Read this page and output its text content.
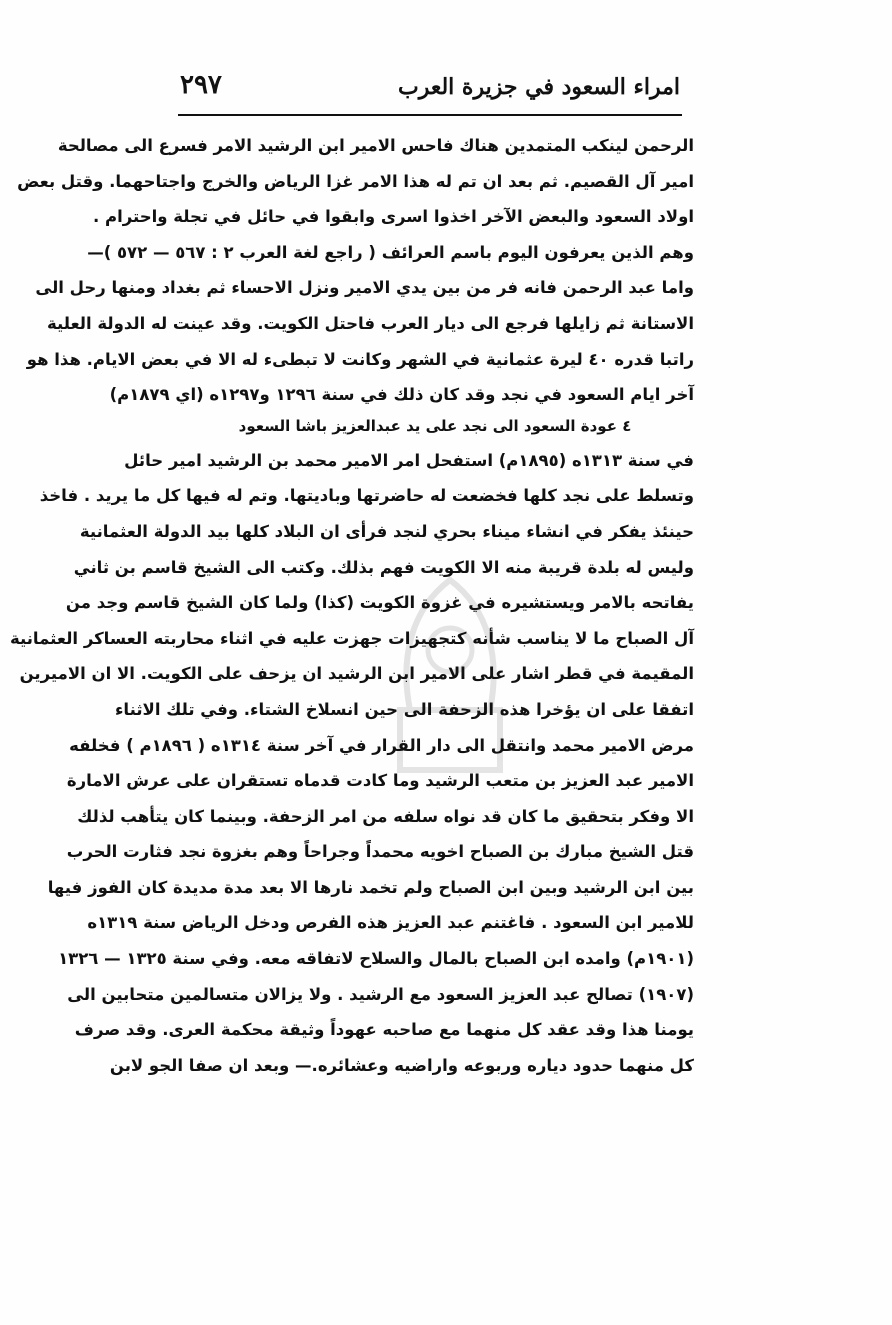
امراء السعود في جزيرة العرب
٢٩٧
الرحمن لينكب المتمدين هناك فاحس الامير ابن الرشيد الامر فسرع الى مصالحة
امير آل القصيم. ثم بعد ان تم له هذا الامر غزا الرياض والخرج واجتاحهما. وقتل بعض
اولاد السعود والبعض الآخر اخذوا اسرى وابقوا في حائل في تجلة واحترام .
وهم الذين يعرفون اليوم باسم العرائف ( راجع لغة العرب ٢ : ٥٦٧ — ٥٧٢ )—
واما عبد الرحمن فانه فر من بين يدي الامير ونزل الاحساء ثم بغداد ومنها رحل الى
الاستانة ثم زايلها فرجع الى ديار العرب فاحتل الكويت. وقد عينت له الدولة العلية
راتبا قدره ٤٠ ليرة عثمانية في الشهر وكانت لا تبطىء له الا في بعض الايام. هذا هو
آخر ايام السعود في نجد وقد كان ذلك في سنة ١٢٩٦ و١٢٩٧ه (اي ١٨٧٩م)
٤ عودة السعود الى نجد على يد عبدالعزيز باشا السعود
في سنة ١٣١٣ه (١٨٩٥م) استفحل امر الامير محمد بن الرشيد امير حائل
وتسلط على نجد كلها فخضعت له حاضرتها وباديتها. وتم له فيها كل ما يريد . فاخذ
حينئذ يفكر في انشاء ميناء بحري لنجد فرأى ان البلاد كلها بيد الدولة العثمانية
وليس له بلدة قريبة منه الا الكويت فهم بذلك. وكتب الى الشيخ قاسم بن ثاني
يفاتحه بالامر ويستشيره في غزوة الكويت (كذا) ولما كان الشيخ قاسم وجد من
آل الصباح ما لا يناسب شأنه كتجهيزات جهزت عليه في اثناء محاربته العساكر العثمانية
المقيمة في قطر اشار على الامير ابن الرشيد ان يزحف على الكويت. الا ان الاميرين
اتفقا على ان يؤخرا هذه الزحفة الى حين انسلاخ الشتاء. وفي تلك الاثناء
مرض الامير محمد وانتقل الى دار القرار في آخر سنة ١٣١٤ه ( ١٨٩٦م ) فخلفه
الامير عبد العزيز بن متعب الرشيد وما كادت قدماه تستقران على عرش الامارة
الا وفكر بتحقيق ما كان قد نواه سلفه من امر الزحفة. وبينما كان يتأهب لذلك
قتل الشيخ مبارك بن الصباح اخويه محمداً وجراحاً وهم بغزوة نجد فثارت الحرب
بين ابن الرشيد وبين ابن الصباح ولم تخمد نارها الا بعد مدة مديدة كان الفوز فيها
للامير ابن السعود . فاغتنم عبد العزيز هذه الفرص ودخل الرياض سنة ١٣١٩ه
(١٩٠١م) وامده ابن الصباح بالمال والسلاح لاتفاقه معه. وفي سنة ١٣٢٥ — ١٣٢٦
(١٩٠٧) تصالح عبد العزيز السعود مع الرشيد . ولا يزالان متسالمين متحابين الى
يومنا هذا وقد عقد كل منهما مع صاحبه عهوداً وثيقة محكمة العرى. وقد صرف
كل منهما حدود دياره وربوعه واراضيه وعشائره.— وبعد ان صفا الجو لابن
